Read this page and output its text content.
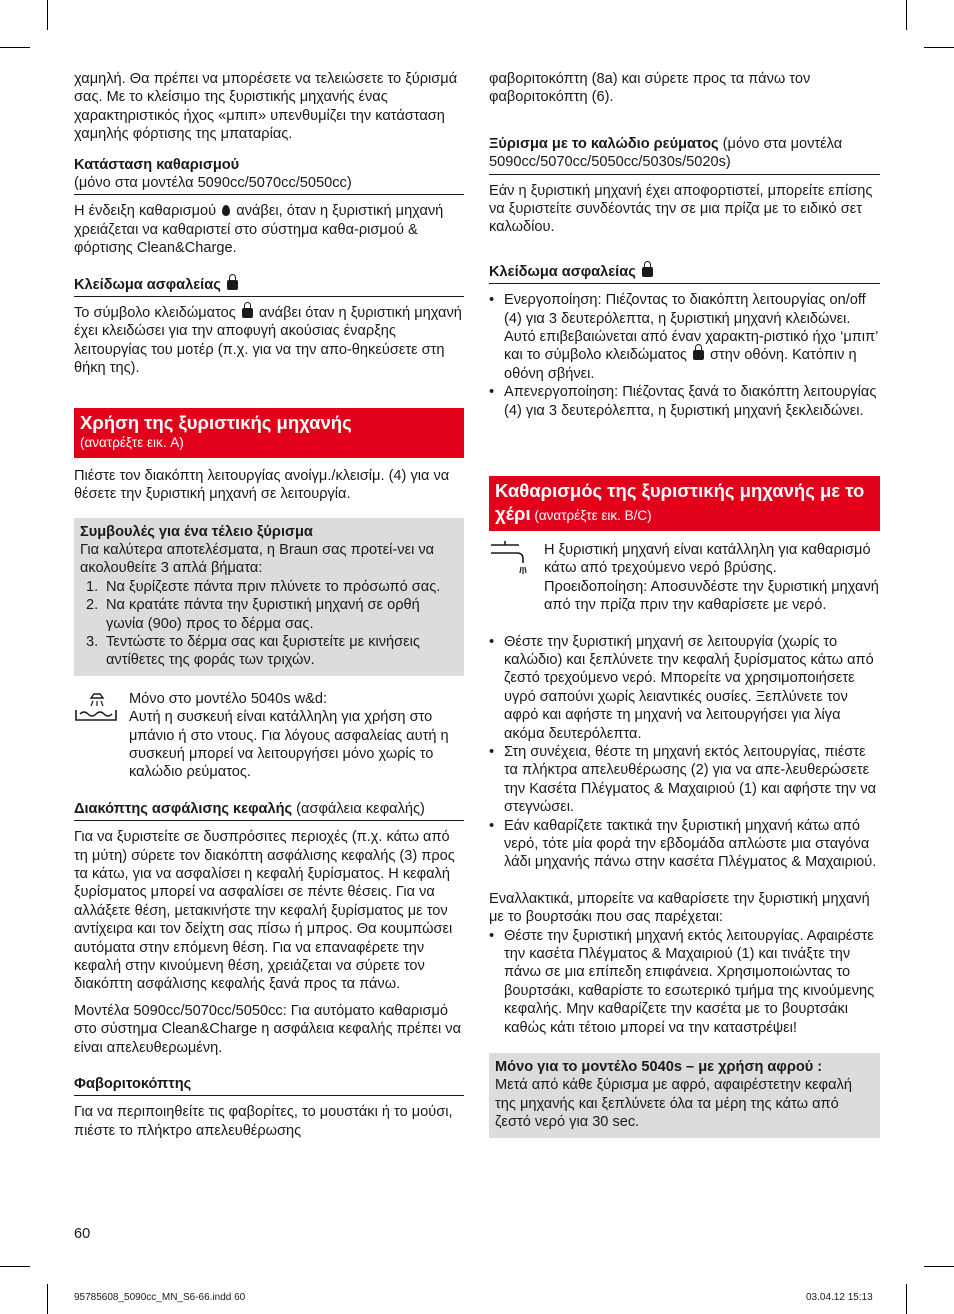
χαμηλή. Θα πρέπει να μπορέσετε να τελειώσετε το ξύρισμά σας. Με το κλείσιμο της ξυριστικής μηχανής ένας χαρακτηριστικός ήχος «μπιπ» υπενθυμίζει την κατάσταση χαμηλής φόρτισης της μπαταρίας.

Κατάσταση καθαρισμού

(μόνο στα μοντέλα 5090cc/5070cc/5050cc)

Η ένδειξη καθαρισμού ανάβει, όταν η ξυριστική μηχανή χρειάζεται να καθαριστεί στο σύστημα καθα-ρισμού & φόρτισης Clean&Charge.

Κλείδωμα ασφαλείας

Το σύμβολο κλειδώματος ανάβει όταν η ξυριστική μηχανή έχει κλειδώσει για την αποφυγή ακούσιας έναρξης λειτουργίας του μοτέρ (π.χ. για να την απο-θηκεύσετε στη θήκη της).

Χρήση της ξυριστικής μηχανής
(ανατρέξτε εικ. A)

Πιέστε τον διακόπτη λειτουργίας ανοίγμ./κλεισίμ. (4) για να θέσετε την ξυριστική μηχανή σε λειτουργία.

Συμβουλές για ένα τέλειο ξύρισμα

Για καλύτερα αποτελέσματα, η Braun σας προτεί-νει να ακολουθείτε 3 απλά βήματα:

1. Να ξυρίζεστε πάντα πριν πλύνετε το πρόσωπό σας.
2. Να κρατάτε πάντα την ξυριστική μηχανή σε ορθή γωνία (90ο) προς το δέρμα σας.
3. Τεντώστε το δέρμα σας και ξυριστείτε με κινήσεις αντίθετες της φοράς των τριχών.

Μόνο στο μοντέλο 5040s w&d:

Αυτή η συσκευή είναι κατάλληλη για χρήση στο μπάνιο ή στο ντους. Για λόγους ασφαλείας αυτή η συσκευή μπορεί να λειτουργήσει μόνο χωρίς το καλώδιο ρεύματος.

Διακόπτης ασφάλισης κεφαλής (ασφάλεια κεφαλής)

Για να ξυριστείτε σε δυσπρόσιτες περιοχές (π.χ. κάτω από τη μύτη) σύρετε τον διακόπτη ασφάλισης κεφαλής (3) προς τα κάτω, για να ασφαλίσει η κεφαλή ξυρίσματος. Η κεφαλή ξυρίσματος μπορεί να ασφαλίσει σε πέντε θέσεις. Για να αλλάξετε θέση, μετακινήστε την κεφαλή ξυρίσματος με τον αντίχειρα και τον δείχτη σας πίσω ή μπρος. Θα κουμπώσει αυτόματα στην επόμενη θέση. Για να επαναφέρετε την κεφαλή στην κινούμενη θέση, χρειάζεται να σύρετε τον διακόπτη ασφάλισης κεφαλής ξανά προς τα πάνω.

Μοντέλα 5090cc/5070cc/5050cc: Για αυτόματο καθαρισμό στο σύστημα Clean&Charge η ασφάλεια κεφαλής πρέπει να είναι απελευθερωμένη.

Φαβοριτοκόπτης

Για να περιποιηθείτε τις φαβορίτες, το μουστάκι ή το μούσι, πιέστε το πλήκτρο απελευθέρωσης

φαβοριτοκόπτη (8a) και σύρετε προς τα πάνω τον φαβοριτοκόπτη (6).

Ξύρισμα με το καλώδιο ρεύματος (μόνο στα μοντέλα 5090cc/5070cc/5050cc/5030s/5020s)

Εάν η ξυριστική μηχανή έχει αποφορτιστεί, μπορείτε επίσης να ξυριστείτε συνδέοντάς την σε μια πρίζα με το ειδικό σετ καλωδίου.

Κλείδωμα ασφαλείας

• Ενεργοποίηση: Πιέζοντας το διακόπτη λειτουργίας on/off (4) για 3 δευτερόλεπτα, η ξυριστική μηχανή κλειδώνει. Αυτό επιβεβαιώνεται από έναν χαρακτη-ριστικό ήχο ‘μπιπ’ και το σύμβολο κλειδώματος στην οθόνη. Κατόπιν η οθόνη σβήνει.
• Απενεργοποίηση: Πιέζοντας ξανά το διακόπτη λειτουργίας (4) για 3 δευτερόλεπτα, η ξυριστική μηχανή ξεκλειδώνει.
Καθαρισμός της ξυριστικής μηχανής με το χέρι (ανατρέξτε εικ. B/C)

Η ξυριστική μηχανή είναι κατάλληλη για καθαρισμό κάτω από τρεχούμενο νερό βρύσης. Προειδοποίηση: Αποσυνδέστε την ξυριστική μηχανή από την πρίζα πριν την καθαρίσετε με νερό.

• Θέστε την ξυριστική μηχανή σε λειτουργία (χωρίς το καλώδιο) και ξεπλύνετε την κεφαλή ξυρίσματος κάτω από ζεστό τρεχούμενο νερό. Μπορείτε να χρησιμοποιήσετε υγρό σαπούνι χωρίς λειαντικές ουσίες. Ξεπλύνετε τον αφρό και αφήστε τη μηχανή να λειτουργήσει για λίγα ακόμα δευτερόλεπτα.
• Στη συνέχεια, θέστε τη μηχανή εκτός λειτουργίας, πιέστε τα πλήκτρα απελευθέρωσης (2) για να απε-λευθερώσετε την Κασέτα Πλέγματος & Μαχαιριού (1) και αφήστε την να στεγνώσει.
• Εάν καθαρίζετε τακτικά την ξυριστική μηχανή κάτω από νερό, τότε μία φορά την εβδομάδα απλώστε μια σταγόνα λάδι μηχανής πάνω στην κασέτα Πλέγματος & Μαχαιριού.

Εναλλακτικά, μπορείτε να καθαρίσετε την ξυριστική μηχανή με το βουρτσάκι που σας παρέχεται:

• Θέστε την ξυριστική μηχανή εκτός λειτουργίας. Αφαιρέστε την κασέτα Πλέγματος & Μαχαιριού (1) και τινάξτε την πάνω σε μια επίπεδη επιφάνεια. Χρησιμοποιώντας το βουρτσάκι, καθαρίστε το εσωτερικό τμήμα της κινούμενης κεφαλής. Μην καθαρίζετε την κασέτα με το βουρτσάκι καθώς κάτι τέτοιο μπορεί να την καταστρέψει!

Μόνο για το μοντέλο 5040s – με χρήση αφρού :

Μετά από κάθε ξύρισμα με αφρό, αφαιρέστετην κεφαλή της μηχανής και ξεπλύνετε όλα τα μέρη της κάτω από ζεστό νερό για 30 sec.

60
95785608_5090cc_MN_S6-66.indd 60	03.04.12 15:13
